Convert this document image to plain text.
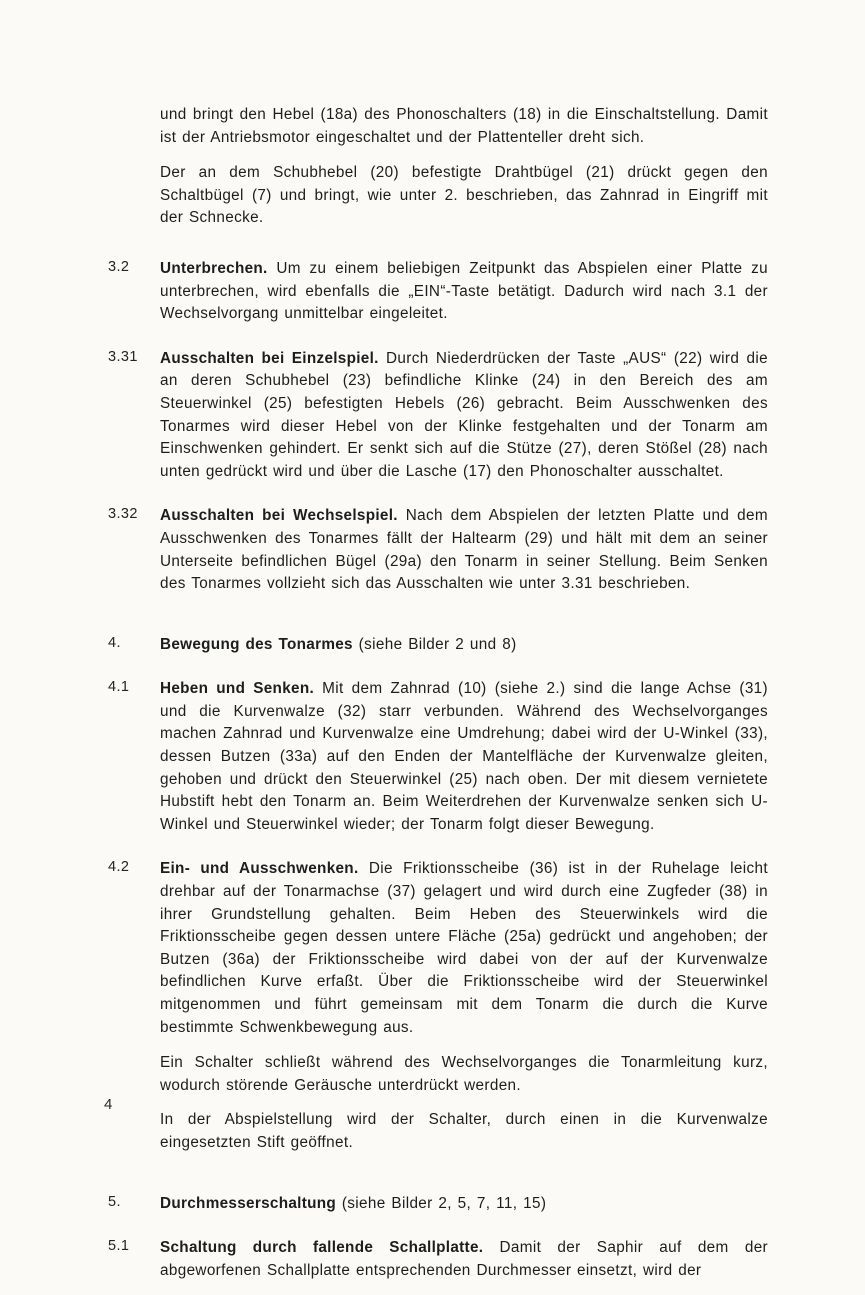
und bringt den Hebel (18a) des Phonoschalters (18) in die Einschaltstellung. Damit ist der Antriebsmotor eingeschaltet und der Plattenteller dreht sich.
Der an dem Schubhebel (20) befestigte Drahtbügel (21) drückt gegen den Schaltbügel (7) und bringt, wie unter 2. beschrieben, das Zahnrad in Eingriff mit der Schnecke.
3.2	Unterbrechen. Um zu einem beliebigen Zeitpunkt das Abspielen einer Platte zu unterbrechen, wird ebenfalls die „EIN“-Taste betätigt. Dadurch wird nach 3.1 der Wechselvorgang unmittelbar eingeleitet.
3.31	Ausschalten bei Einzelspiel. Durch Niederdrücken der Taste „AUS“ (22) wird die an deren Schubhebel (23) befindliche Klinke (24) in den Bereich des am Steuerwinkel (25) befestigten Hebels (26) gebracht. Beim Ausschwenken des Tonarmes wird dieser Hebel von der Klinke festgehalten und der Tonarm am Einschwenken gehindert. Er senkt sich auf die Stütze (27), deren Stößel (28) nach unten gedrückt wird und über die Lasche (17) den Phonoschalter ausschaltet.
3.32	Ausschalten bei Wechselspiel. Nach dem Abspielen der letzten Platte und dem Ausschwenken des Tonarmes fällt der Haltearm (29) und hält mit dem an seiner Unterseite befindlichen Bügel (29a) den Tonarm in seiner Stellung. Beim Senken des Tonarmes vollzieht sich das Ausschalten wie unter 3.31 beschrieben.
4.	Bewegung des Tonarmes (siehe Bilder 2 und 8)
4.1	Heben und Senken. Mit dem Zahnrad (10) (siehe 2.) sind die lange Achse (31) und die Kurvenwalze (32) starr verbunden. Während des Wechselvorganges machen Zahnrad und Kurvenwalze eine Umdrehung; dabei wird der U-Winkel (33), dessen Butzen (33a) auf den Enden der Mantelfläche der Kurvenwalze gleiten, gehoben und drückt den Steuerwinkel (25) nach oben. Der mit diesem vernietete Hubstift hebt den Tonarm an. Beim Weiterdrehen der Kurvenwalze senken sich U-Winkel und Steuerwinkel wieder; der Tonarm folgt dieser Bewegung.
4.2	Ein- und Ausschwenken. Die Friktionsscheibe (36) ist in der Ruhelage leicht drehbar auf der Tonarmachse (37) gelagert und wird durch eine Zugfeder (38) in ihrer Grundstellung gehalten. Beim Heben des Steuerwinkels wird die Friktionsscheibe gegen dessen untere Fläche (25a) gedrückt und angehoben; der Butzen (36a) der Friktionsscheibe wird dabei von der auf der Kurvenwalze befindlichen Kurve erfaßt. Über die Friktionsscheibe wird der Steuerwinkel mitgenommen und führt gemeinsam mit dem Tonarm die durch die Kurve bestimmte Schwenkbewegung aus.
Ein Schalter schließt während des Wechselvorganges die Tonarmleitung kurz, wodurch störende Geräusche unterdrückt werden.
In der Abspielstellung wird der Schalter, durch einen in die Kurvenwalze eingesetzten Stift geöffnet.
5.	Durchmesserschaltung (siehe Bilder 2, 5, 7, 11, 15)
5.1	Schaltung durch fallende Schallplatte. Damit der Saphir auf dem der abgeworfenen Schallplatte entsprechenden Durchmesser einsetzt, wird der
4
